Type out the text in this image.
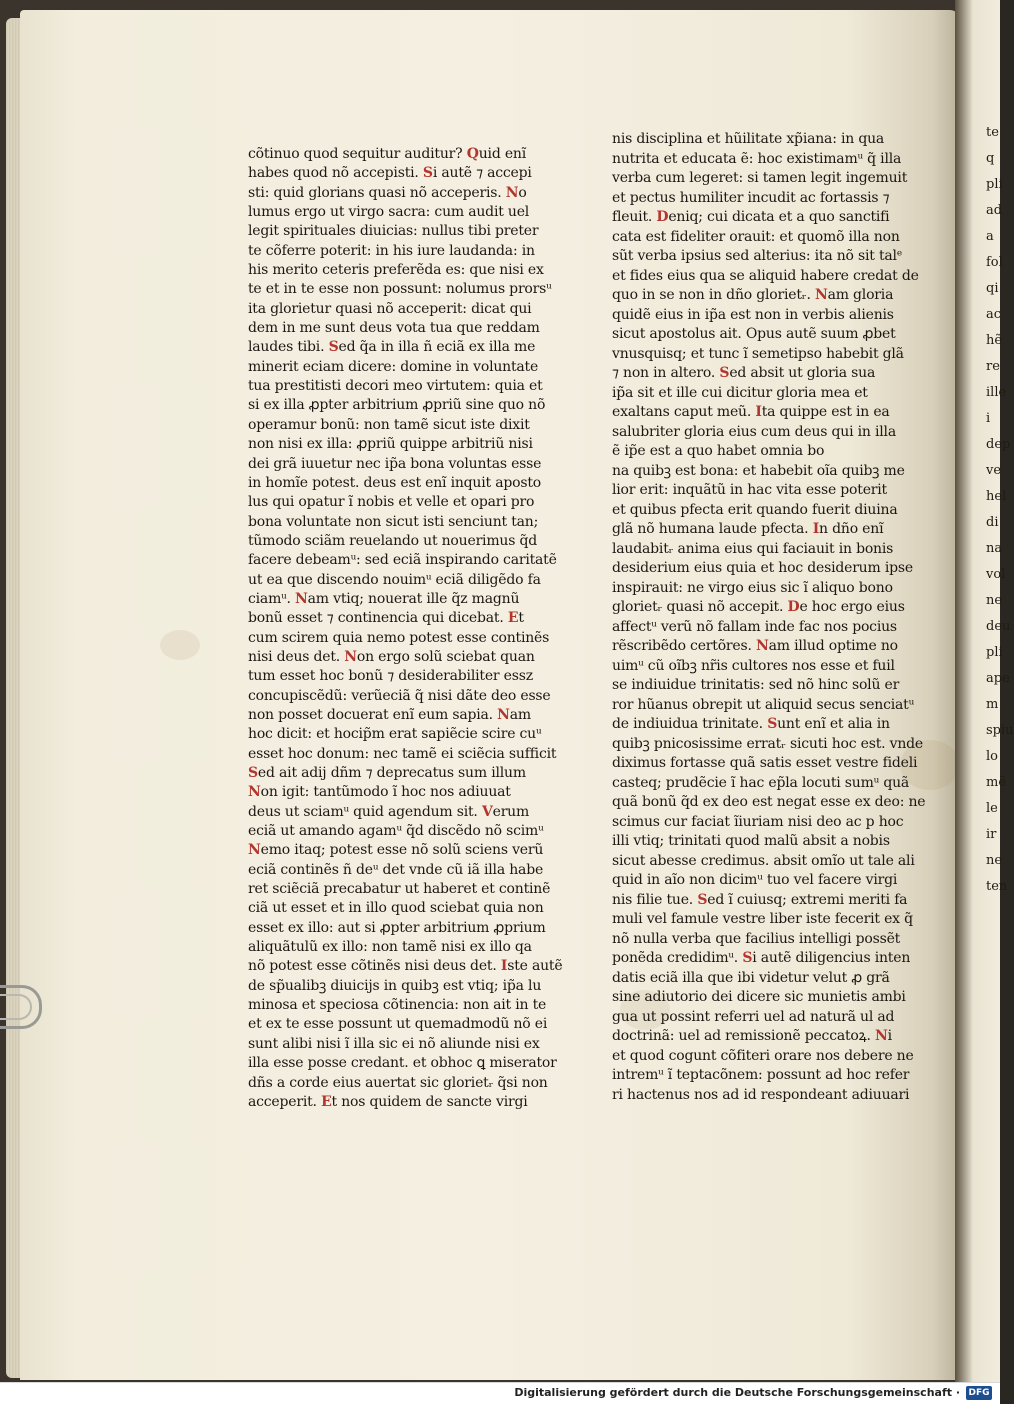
te
q
pli
ad
a
fol
qi
ac
hẽ
re
ille
i
dep
ve
hel
di
na
vol
ne
deu
pli
ape
m
spiu
lo
mẽ
le
ir
ne
ten
cõtinuo quod sequitur auditur? Quid enĩ
habes quod nõ accepisti. Si autẽ ⁊ accepi
sti: quid glorians quasi nõ acceperis. No
lumus ergo ut virgo sacra: cum audit uel
legit spirituales diuicias: nullus tibi preter
te cõferre poterit: in his iure laudanda: in
his merito ceteris preferẽda es: que nisi ex
te et in te esse non possunt: nolumus prorsᵘ
ita glorietur quasi nõ acceperit: dicat qui
dem in me sunt deus vota tua que reddam
laudes tibi. Sed q̃a in illa ñ eciã ex illa me
minerit eciam dicere: domine in voluntate
tua prestitisti decori meo virtutem: quia et
si ex illa ꝓpter arbitrium ꝓpriũ sine quo nõ
operamur bonũ: non tamẽ sicut iste dixit
non nisi ex illa: ꝓpriũ quippe arbitriũ nisi
dei grã iuuetur nec ip̃a bona voluntas esse
in homĩe potest. deus est enĩ inquit aposto
lus qui opatur ĩ nobis et velle et opari pro
bona voluntate non sicut isti senciunt tan;
tũmodo sciãm reuelando ut nouerimus q̃d
facere debeamᵘ: sed eciã inspirando caritatẽ
ut ea que discendo nouimᵘ eciã diligẽdo fa
ciamᵘ. Nam vtiq; nouerat ille q̃z magnũ
bonũ esset ⁊ continencia qui dicebat. Et
cum scirem quia nemo potest esse continẽs
nisi deus det. Non ergo solũ sciebat quan
tum esset hoc bonũ ⁊ desiderabiliter essz
concupiscẽdũ: verũeciã q̃ nisi dãte deo esse
non posset docuerat enĩ eum sapia. Nam
hoc dicit: et hocip̃m erat sapiẽcie scire cuᵘ
esset hoc donum: nec tamẽ ei sciẽcia sufficit
Sed ait adij dñm ⁊ deprecatus sum illum
Non igit: tantũmodo ĩ hoc nos adiuuat
deus ut sciamᵘ quid agendum sit. Verum
eciã ut amando agamᵘ q̃d discẽdo nõ scimᵘ
Nemo itaq; potest esse nõ solũ sciens verũ
eciã continẽs ñ deᵘ det vnde cũ iã illa habe
ret sciẽciã precabatur ut haberet et continẽ
ciã ut esset et in illo quod sciebat quia non
esset ex illo: aut si ꝓpter arbitrium ꝓprium
aliquãtulũ ex illo: non tamẽ nisi ex illo qa
nõ potest esse cõtinẽs nisi deus det. Iste autẽ
de sp̃ualibꝫ diuicijs in quibꝫ est vtiq; ip̃a lu
minosa et speciosa cõtinencia: non ait in te
et ex te esse possunt ut quemadmodũ nõ ei
sunt alibi nisi ĩ illa sic ei nõ aliunde nisi ex
illa esse posse credant. et obhoc ꝗ miserator
dñs a corde eius auertat sic glorietᵣ q̃si non
acceperit. Et nos quidem de sancte virgi
nis disciplina et hũilitate xp̃iana: in qua
nutrita et educata ẽ: hoc existimamᵘ q̃ illa
verba cum legeret: si tamen legit ingemuit
et pectus humiliter incudit ac fortassis ⁊
fleuit. Deniq; cui dicata et a quo sanctifi
cata est fideliter orauit: et quomõ illa non
sũt verba ipsius sed alterius: ita nõ sit talᵉ
et fides eius qua se aliquid habere credat de
quo in se non in dño glorietᵣ. Nam gloria
quidẽ eius in ip̃a est non in verbis alienis
sicut apostolus ait. Opus autẽ suum ꝓbet
vnusquisq; et tunc ĩ semetipso habebit glã
⁊ non in altero. Sed absit ut gloria sua
ip̃a sit et ille cui dicitur gloria mea et
exaltans caput meũ. Ita quippe est in ea
salubriter gloria eius cum deus qui in illa
ẽ ip̃e est a quo habet omnia bo
na quibꝫ est bona: et habebit oĩa quibꝫ me
lior erit: inquãtũ in hac vita esse poterit
et quibus pfecta erit quando fuerit diuina
glã nõ humana laude pfecta. In dño enĩ
laudabitᵣ anima eius qui faciauit in bonis
desiderium eius quia et hoc desiderum ipse
inspirauit: ne virgo eius sic ĩ aliquo bono
glorietᵣ quasi nõ accepit. De hoc ergo eius
affectᵘ verũ nõ fallam inde fac nos pocius
rẽscribẽdo certõres. Nam illud optime no
uimᵘ cũ oĩbꝫ nr̃is cultores nos esse et fuil
se indiuidue trinitatis: sed nõ hinc solũ er
ror hũanus obrepit ut aliquid secus senciatᵘ
de indiuidua trinitate. Sunt enĩ et alia in
quibꝫ pnicosissime erratᵣ sicuti hoc est. vnde
diximus fortasse quã satis esset vestre fideli
casteq; prudẽcie ĩ hac ep̃la locuti sumᵘ quã
quã bonũ q̃d ex deo est negat esse ex deo: ne
scimus cur faciat ĩiuriam nisi deo ac p hoc
illi vtiq; trinitati quod malũ absit a nobis
sicut abesse credimus. absit omĩo ut tale ali
quid in aĩo non dicimᵘ tuo vel facere virgi
nis filie tue. Sed ĩ cuiusq; extremi meriti fa
muli vel famule vestre liber iste fecerit ex q̃
nõ nulla verba que facilius intelligi possẽt
ponẽda credidimᵘ. Si autẽ diligencius inten
datis eciã illa que ibi videtur velut ꝓ grã
sine adiutorio dei dicere sic munietis ambi
gua ut possint referri uel ad naturã ul ad
doctrinã: uel ad remissionẽ peccatoꝝ. Ni
et quod cogunt cõfiteri orare nos debere ne
intremᵘ ĩ teptacõnem: possunt ad hoc refer
ri hactenus nos ad id respondeant adiuuari
Digitalisierung gefördert durch die Deutsche Forschungsgemeinschaft · DFG
